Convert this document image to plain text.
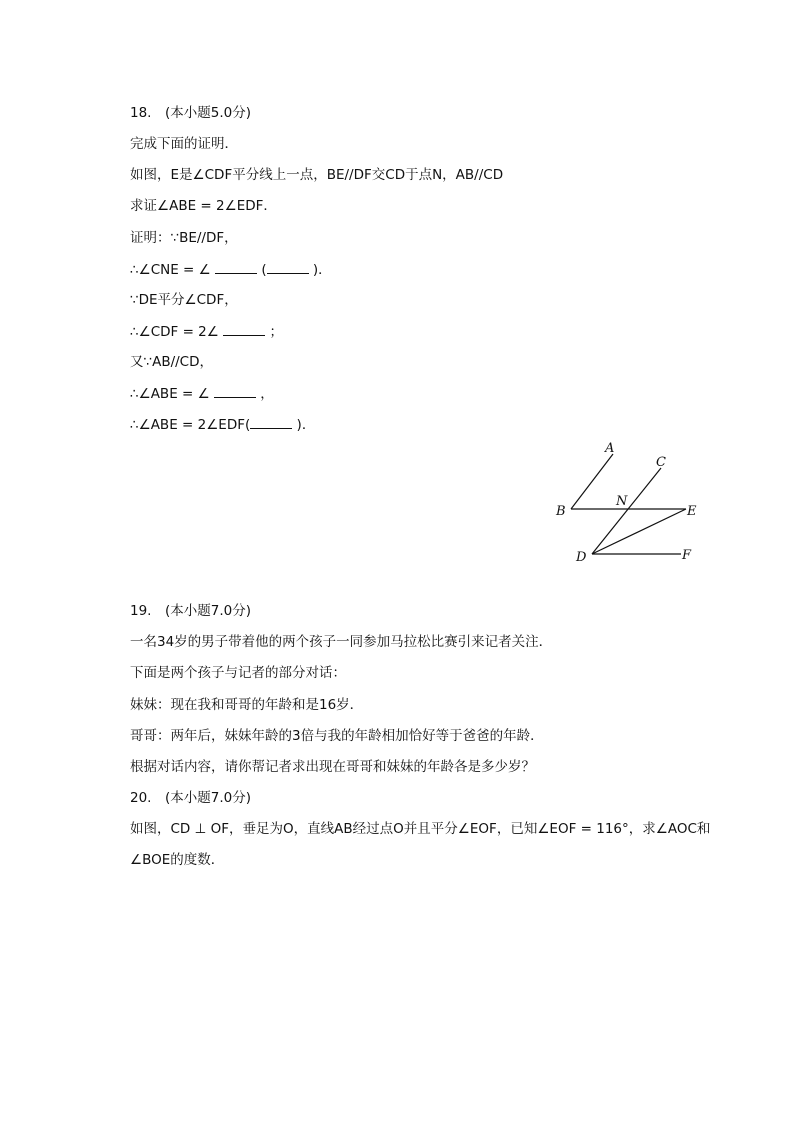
18.　(本小题5.0分)
完成下面的证明．
如图，E是∠CDF平分线上一点，BE//DF交CD于点N，AB//CD
求证∠ABE = 2∠EDF．
证明：∵BE//DF，
∴∠CNE = ∠	(	)．
∵DE平分∠CDF，
∴∠CDF = 2∠	；
又∵AB//CD，
∴∠ABE = ∠	，
∴∠ABE = 2∠EDF(	)．
A
C
N
B	E
D	F
19.　(本小题7.0分)
一名34岁的男子带着他的两个孩子一同参加马拉松比赛引来记者关注．
下面是两个孩子与记者的部分对话：
妹妹：现在我和哥哥的年龄和是16岁．
哥哥：两年后，妹妹年龄的3倍与我的年龄相加恰好等于爸爸的年龄．
根据对话内容，请你帮记者求出现在哥哥和妹妹的年龄各是多少岁？
20.　(本小题7.0分)
如图，CD ⊥ OF，垂足为O，直线AB经过点O并且平分∠EOF，已知∠EOF = 116°，求∠AOC和
∠BOE的度数．
